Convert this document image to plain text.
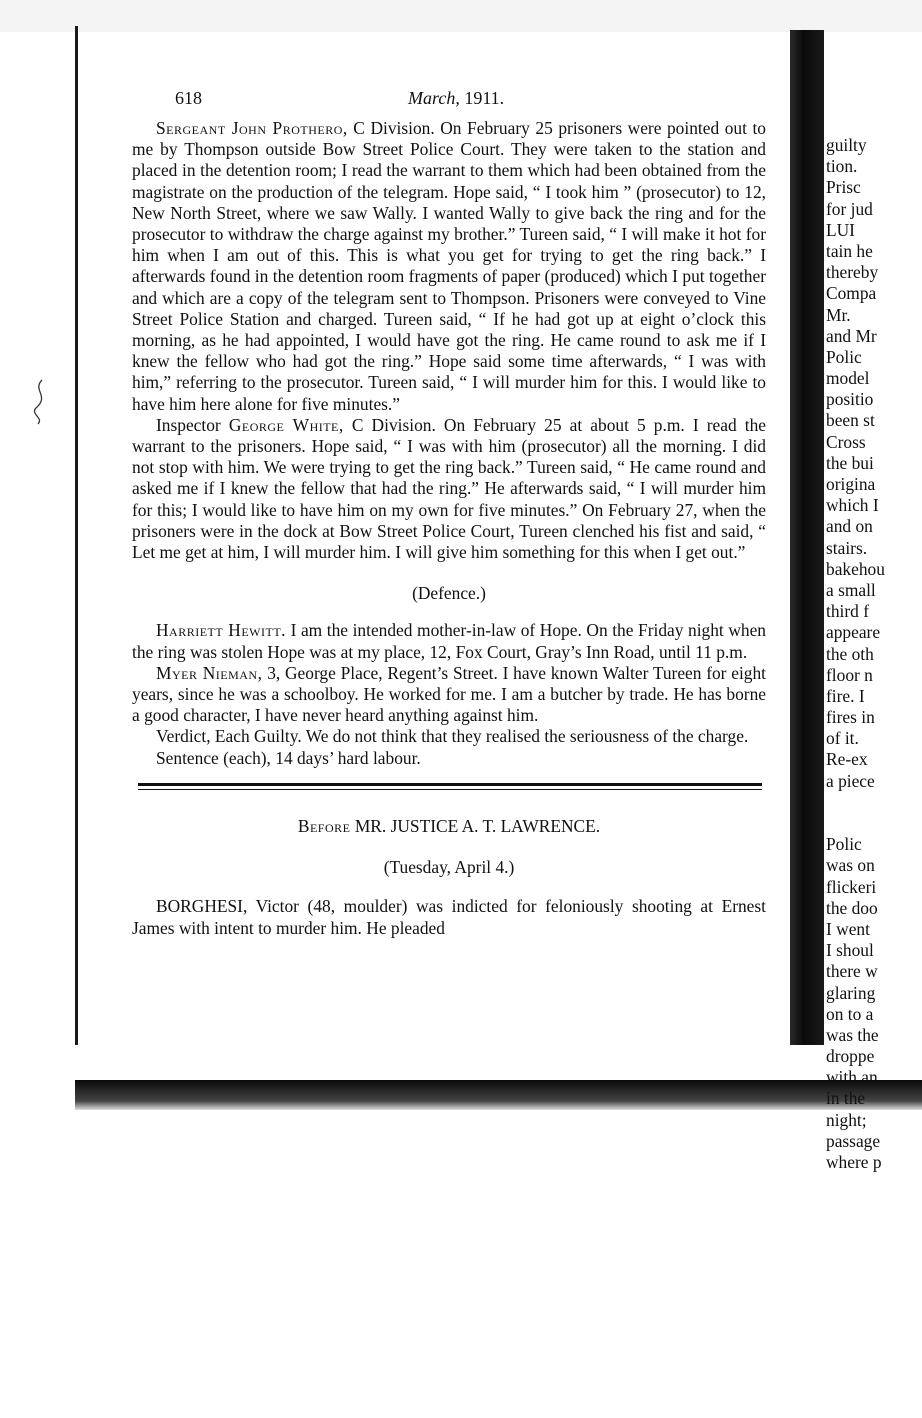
618	March, 1911.

Sergeant John Prothero, C Division. On February 25 prisoners were pointed out to me by Thompson outside Bow Street Police Court. They were taken to the station and placed in the detention room; I read the warrant to them which had been obtained from the magistrate on the production of the telegram. Hope said, “ I took him ” (prosecutor) to 12, New North Street, where we saw Wally. I wanted Wally to give back the ring and for the prosecutor to withdraw the charge against my brother.” Tureen said, “ I will make it hot for him when I am out of this. This is what you get for trying to get the ring back.” I afterwards found in the detention room fragments of paper (produced) which I put together and which are a copy of the telegram sent to Thompson. Prisoners were conveyed to Vine Street Police Station and charged. Tureen said, “ If he had got up at eight o’clock this morning, as he had appointed, I would have got the ring. He came round to ask me if I knew the fellow who had got the ring.” Hope said some time afterwards, “ I was with him,” referring to the prosecutor. Tureen said, “ I will murder him for this. I would like to have him here alone for five minutes.”

Inspector George White, C Division. On February 25 at about 5 p.m. I read the warrant to the prisoners. Hope said, “ I was with him (prosecutor) all the morning. I did not stop with him. We were trying to get the ring back.” Tureen said, “ He came round and asked me if I knew the fellow that had the ring.” He afterwards said, “ I will murder him for this; I would like to have him on my own for five minutes.” On February 27, when the prisoners were in the dock at Bow Street Police Court, Tureen clenched his fist and said, “ Let me get at him, I will murder him. I will give him something for this when I get out.”

(Defence.)

Harriett Hewitt. I am the intended mother-in-law of Hope. On the Friday night when the ring was stolen Hope was at my place, 12, Fox Court, Gray’s Inn Road, until 11 p.m.

Myer Nieman, 3, George Place, Regent’s Street. I have known Walter Tureen for eight years, since he was a schoolboy. He worked for me. I am a butcher by trade. He has borne a good character, I have never heard anything against him.

Verdict, Each Guilty. We do not think that they realised the seriousness of the charge.

Sentence (each), 14 days’ hard labour.

Before MR. JUSTICE A. T. LAWRENCE.

(Tuesday, April 4.)

BORGHESI, Victor (48, moulder) was indicted for feloniously shooting at Ernest James with intent to murder him. He pleaded

guilty
tion.
Prisc
for jud
LUI
tain he
thereby
Compa
Mr.
and Mr
Polic
model
positio
been st
Cross
the bui
origina
which I
and on
stairs.
bakehou
a small
third f
appeare
the oth
floor n
fire. I
fires in
of it.
Re-ex
a piece
Polic
was on
flickeri
the doo
I went
I shoul
there w
glaring
on to a
was the
droppe
with an
in the
night;
passage
where p
